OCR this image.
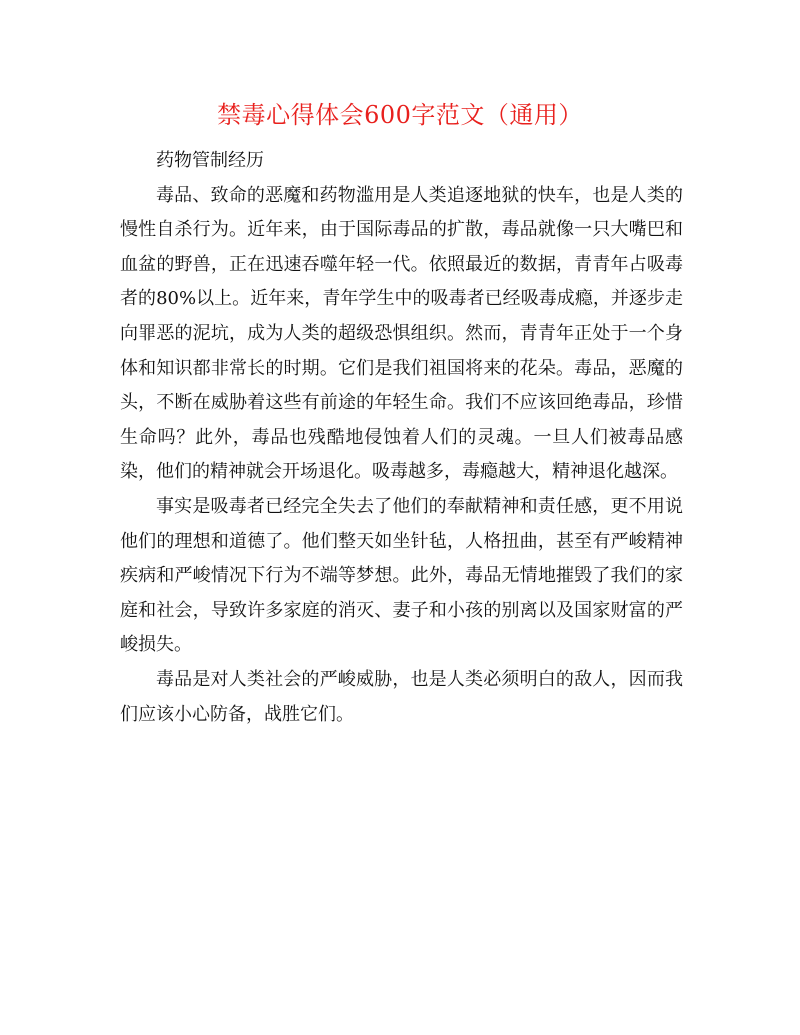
禁毒心得体会600字范文（通用）

药物管制经历

毒品、致命的恶魔和药物滥用是人类追逐地狱的快车，也是人类的慢性自杀行为。近年来，由于国际毒品的扩散，毒品就像一只大嘴巴和血盆的野兽，正在迅速吞噬年轻一代。依照最近的数据，青青年占吸毒者的80%以上。近年来，青年学生中的吸毒者已经吸毒成瘾，并逐步走向罪恶的泥坑，成为人类的超级恐惧组织。然而，青青年正处于一个身体和知识都非常长的时期。它们是我们祖国将来的花朵。毒品，恶魔的头，不断在威胁着这些有前途的年轻生命。我们不应该回绝毒品，珍惜生命吗？此外，毒品也残酷地侵蚀着人们的灵魂。一旦人们被毒品感染，他们的精神就会开场退化。吸毒越多，毒瘾越大，精神退化越深。

事实是吸毒者已经完全失去了他们的奉献精神和责任感，更不用说他们的理想和道德了。他们整天如坐针毡，人格扭曲，甚至有严峻精神疾病和严峻情况下行为不端等梦想。此外，毒品无情地摧毁了我们的家庭和社会，导致许多家庭的消灭、妻子和小孩的别离以及国家财富的严峻损失。

毒品是对人类社会的严峻威胁，也是人类必须明白的敌人，因而我们应该小心防备，战胜它们。
